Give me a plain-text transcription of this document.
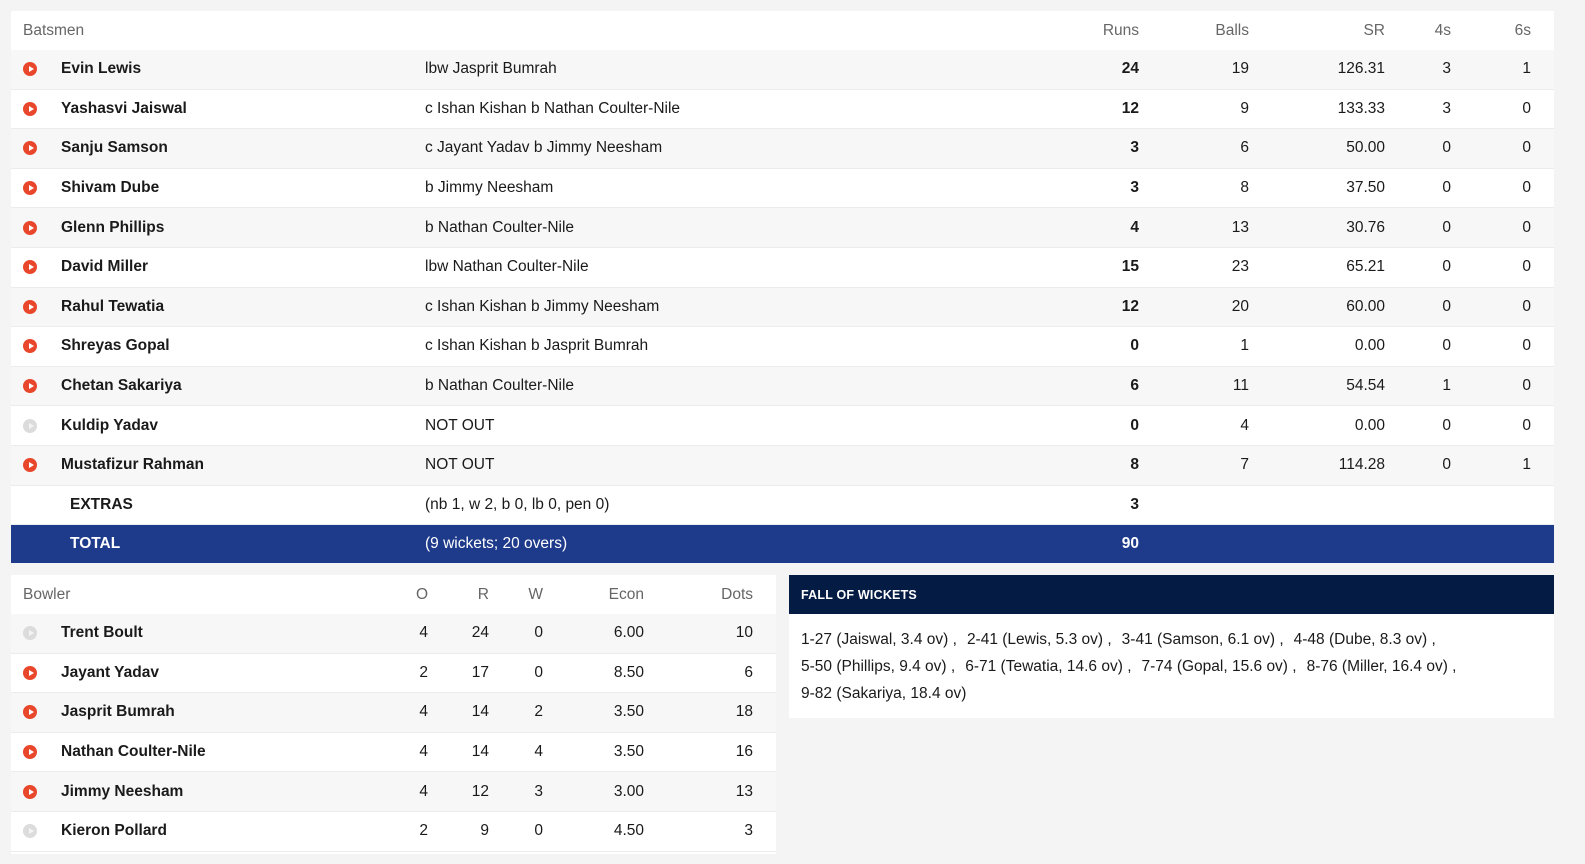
Batsmen	Runs	Balls	SR	4s	6s
Evin Lewis	lbw Jasprit Bumrah	24	19	126.31	3	1
Yashasvi Jaiswal	c Ishan Kishan b Nathan Coulter-Nile	12	9	133.33	3	0
Sanju Samson	c Jayant Yadav b Jimmy Neesham	3	6	50.00	0	0
Shivam Dube	b Jimmy Neesham	3	8	37.50	0	0
Glenn Phillips	b Nathan Coulter-Nile	4	13	30.76	0	0
David Miller	lbw Nathan Coulter-Nile	15	23	65.21	0	0
Rahul Tewatia	c Ishan Kishan b Jimmy Neesham	12	20	60.00	0	0
Shreyas Gopal	c Ishan Kishan b Jasprit Bumrah	0	1	0.00	0	0
Chetan Sakariya	b Nathan Coulter-Nile	6	11	54.54	1	0
Kuldip Yadav	NOT OUT	0	4	0.00	0	0
Mustafizur Rahman	NOT OUT	8	7	114.28	0	1
EXTRAS	(nb 1, w 2, b 0, lb 0, pen 0)	3
TOTAL	(9 wickets; 20 overs)	90
Bowler	O	R	W	Econ	Dots
Trent Boult	4	24	0	6.00	10
Jayant Yadav	2	17	0	8.50	6
Jasprit Bumrah	4	14	2	3.50	18
Nathan Coulter-Nile	4	14	4	3.50	16
Jimmy Neesham	4	12	3	3.00	13
Kieron Pollard	2	9	0	4.50	3
FALL OF WICKETS
1-27 (Jaiswal, 3.4 ov) , 2-41 (Lewis, 5.3 ov) , 3-41 (Samson, 6.1 ov) , 4-48 (Dube, 8.3 ov) ,
5-50 (Phillips, 9.4 ov) , 6-71 (Tewatia, 14.6 ov) , 7-74 (Gopal, 15.6 ov) , 8-76 (Miller, 16.4 ov) ,
9-82 (Sakariya, 18.4 ov)
